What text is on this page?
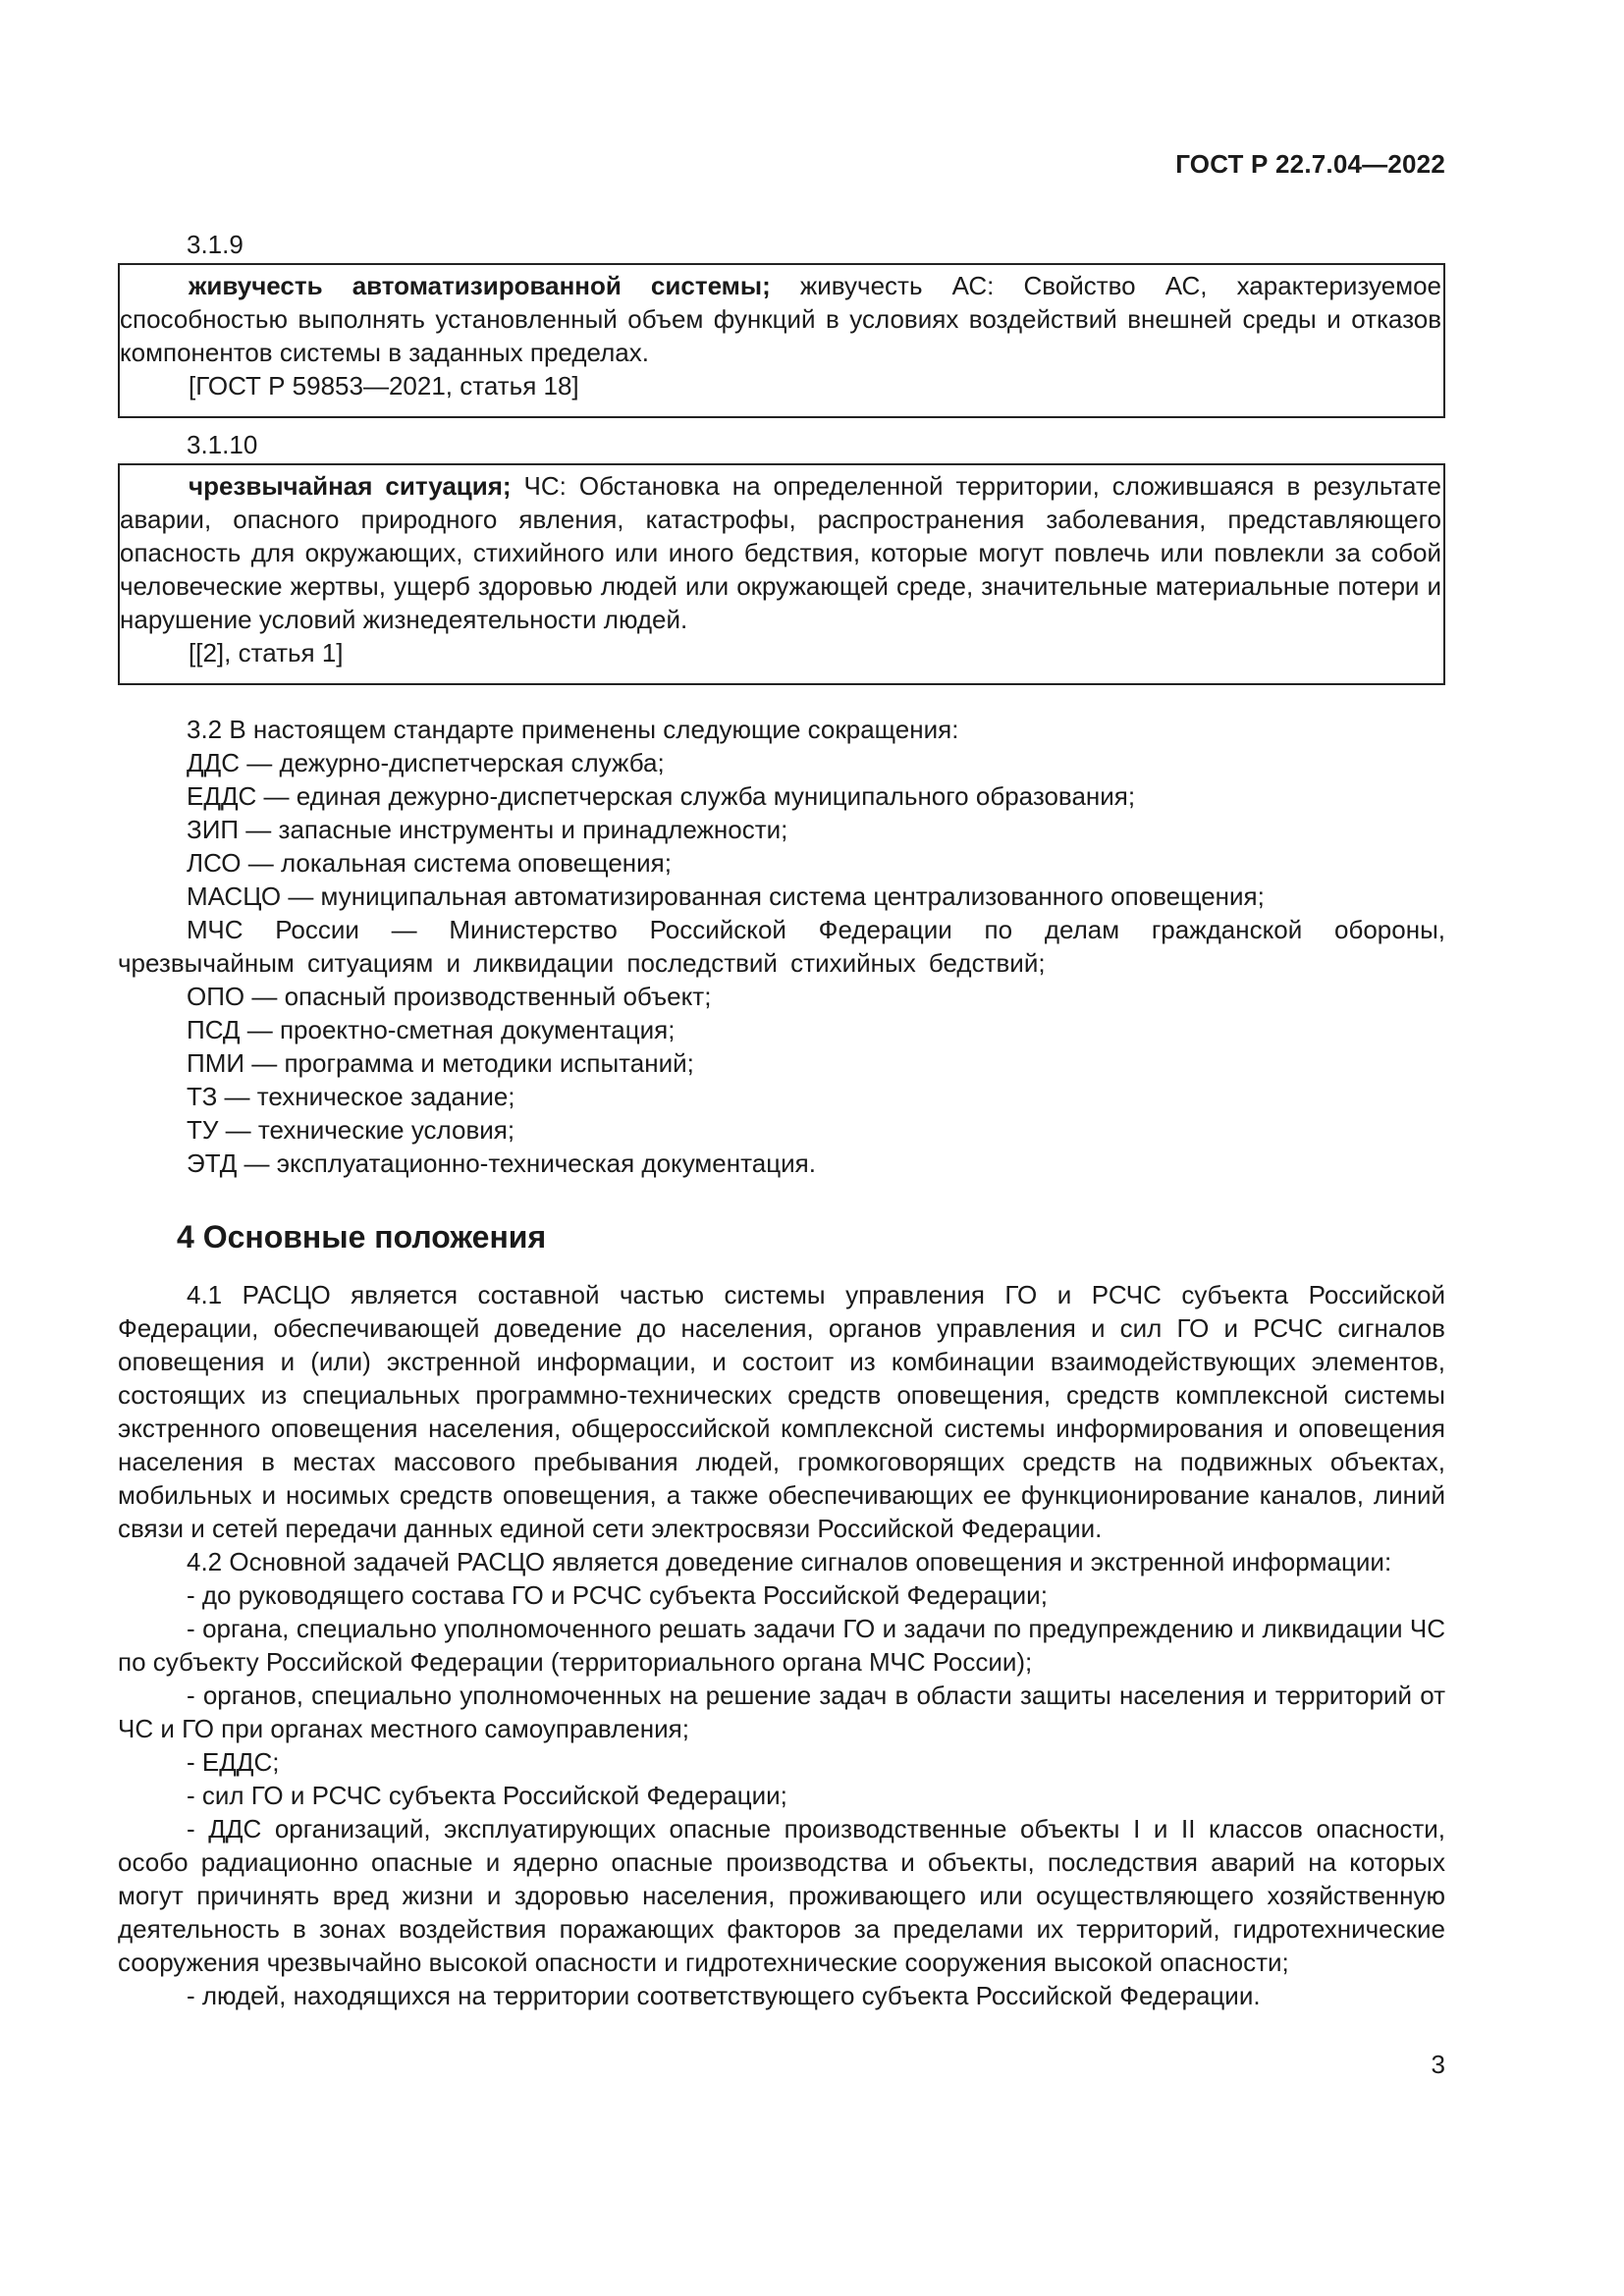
ГОСТ Р 22.7.04—2022
3.1.9

живучесть автоматизированной системы; живучесть АС: Свойство АС, характеризуемое способностью выполнять установленный объем функций в условиях воздействий внешней среды и отказов компонентов системы в заданных пределах.

[ГОСТ Р 59853—2021, статья 18]

3.1.10

чрезвычайная ситуация; ЧС: Обстановка на определенной территории, сложившаяся в результате аварии, опасного природного явления, катастрофы, распространения заболевания, представляющего опасность для окружающих, стихийного или иного бедствия, которые могут повлечь или повлекли за собой человеческие жертвы, ущерб здоровью людей или окружающей среде, значительные материальные потери и нарушение условий жизнедеятельности людей.

[[2], статья 1]

3.2 В настоящем стандарте применены следующие сокращения:

ДДС — дежурно-диспетчерская служба;

ЕДДС — единая дежурно-диспетчерская служба муниципального образования;

ЗИП — запасные инструменты и принадлежности;

ЛСО — локальная система оповещения;

МАСЦО — муниципальная автоматизированная система централизованного оповещения;

МЧС России — Министерство Российской Федерации по делам гражданской обороны, чрезвычайным ситуациям и ликвидации последствий стихийных бедствий;

ОПО — опасный производственный объект;

ПСД — проектно-сметная документация;

ПМИ — программа и методики испытаний;

ТЗ — техническое задание;

ТУ — технические условия;

ЭТД — эксплуатационно-техническая документация.

4 Основные положения

4.1 РАСЦО является составной частью системы управления ГО и РСЧС субъекта Российской Федерации, обеспечивающей доведение до населения, органов управления и сил ГО и РСЧС сигналов оповещения и (или) экстренной информации, и состоит из комбинации взаимодействующих элементов, состоящих из специальных программно-технических средств оповещения, средств комплексной системы экстренного оповещения населения, общероссийской комплексной системы информирования и оповещения населения в местах массового пребывания людей, громкоговорящих средств на подвижных объектах, мобильных и носимых средств оповещения, а также обеспечивающих ее функционирование каналов, линий связи и сетей передачи данных единой сети электросвязи Российской Федерации.

4.2 Основной задачей РАСЦО является доведение сигналов оповещения и экстренной информации:

- до руководящего состава ГО и РСЧС субъекта Российской Федерации;

- органа, специально уполномоченного решать задачи ГО и задачи по предупреждению и ликвидации ЧС по субъекту Российской Федерации (территориального органа МЧС России);

- органов, специально уполномоченных на решение задач в области защиты населения и территорий от ЧС и ГО при органах местного самоуправления;

- ЕДДС;

- сил ГО и РСЧС субъекта Российской Федерации;

- ДДС организаций, эксплуатирующих опасные производственные объекты I и II классов опасности, особо радиационно опасные и ядерно опасные производства и объекты, последствия аварий на которых могут причинять вред жизни и здоровью населения, проживающего или осуществляющего хозяйственную деятельность в зонах воздействия поражающих факторов за пределами их территорий, гидротехнические сооружения чрезвычайно высокой опасности и гидротехнические сооружения высокой опасности;

- людей, находящихся на территории соответствующего субъекта Российской Федерации.

3
